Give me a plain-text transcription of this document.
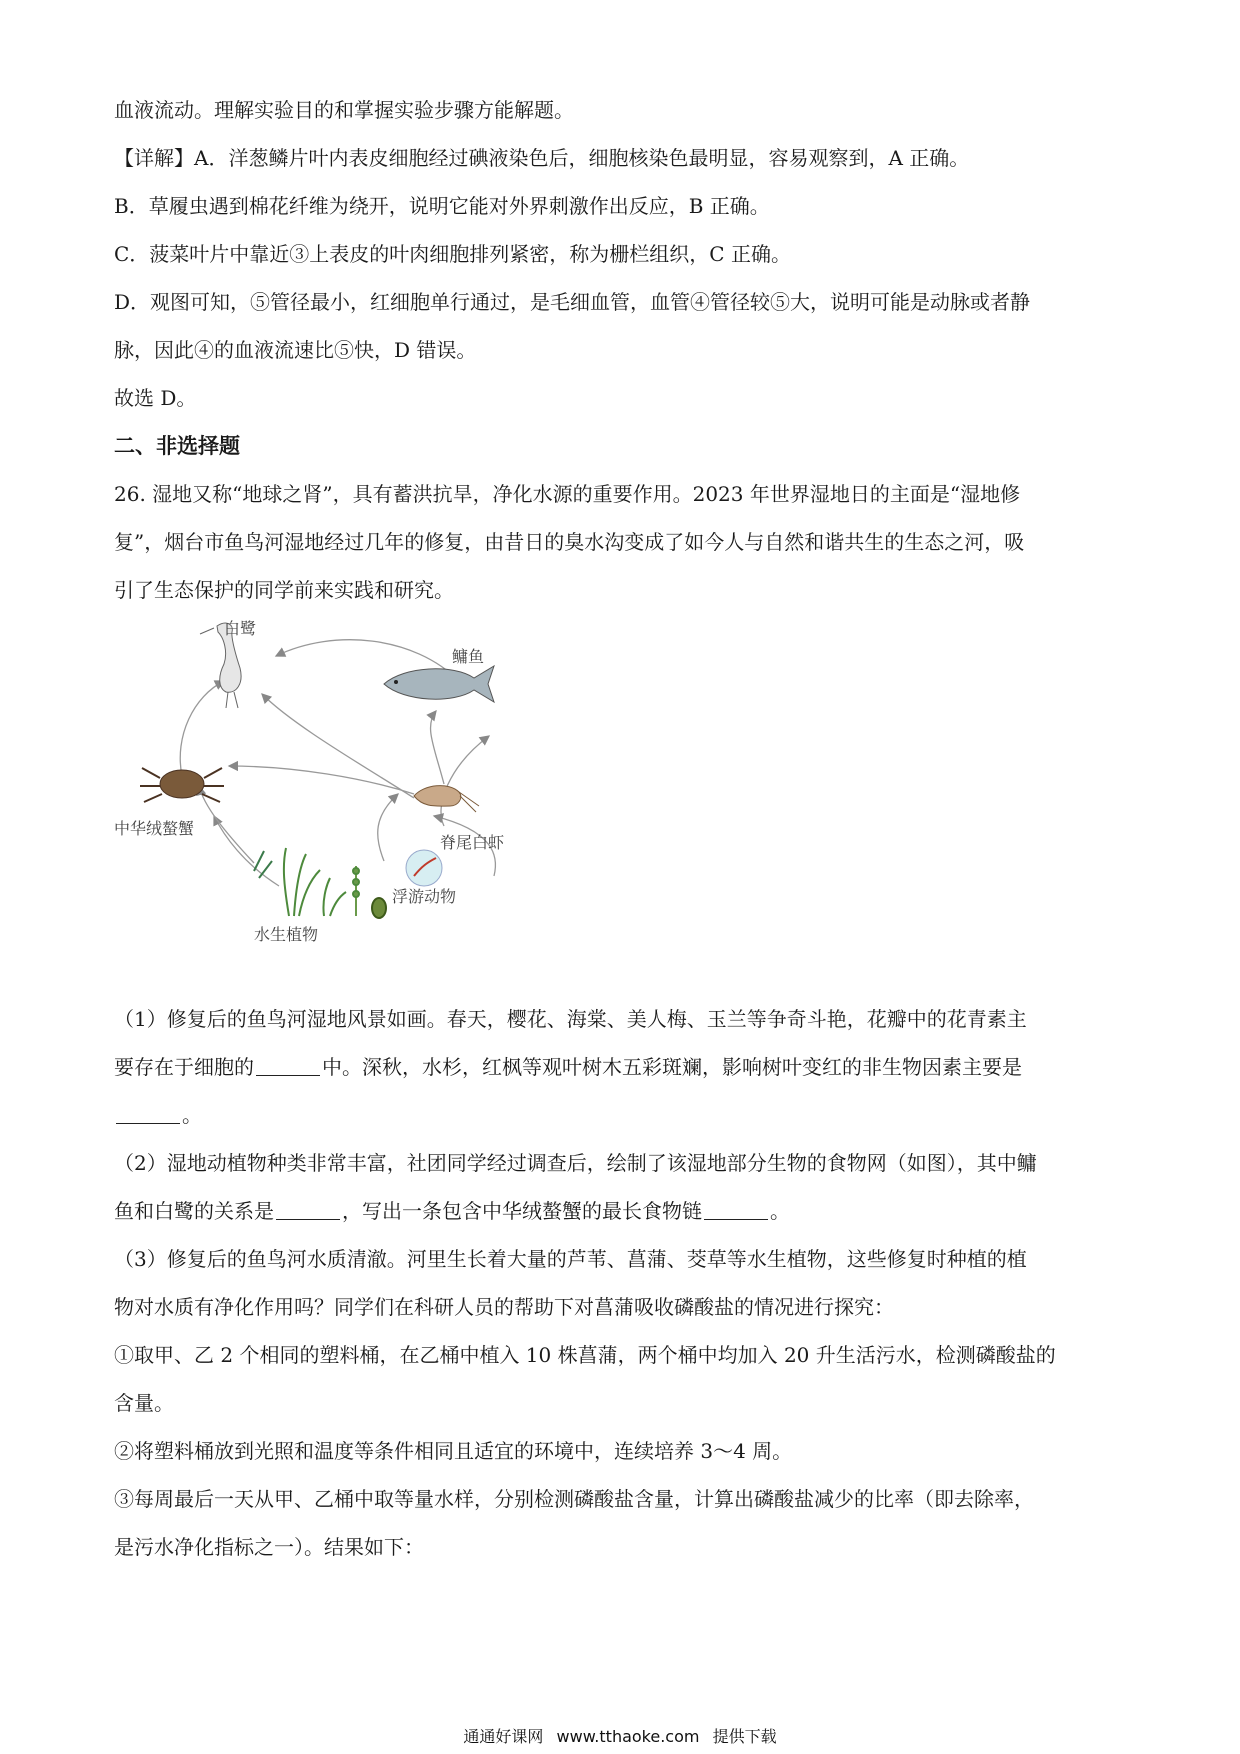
血液流动。理解实验目的和掌握实验步骤方能解题。

【详解】A．洋葱鳞片叶内表皮细胞经过碘液染色后，细胞核染色最明显，容易观察到，A 正确。

B．草履虫遇到棉花纤维为绕开，说明它能对外界刺激作出反应，B 正确。

C．菠菜叶片中靠近③上表皮的叶肉细胞排列紧密，称为栅栏组织，C 正确。

D．观图可知，⑤管径最小，红细胞单行通过，是毛细血管，血管④管径较⑤大，说明可能是动脉或者静

脉，因此④的血液流速比⑤快，D 错误。

故选 D。

二、非选择题

26. 湿地又称“地球之肾”，具有蓄洪抗旱，净化水源的重要作用。2023 年世界湿地日的主面是“湿地修

复”，烟台市鱼鸟河湿地经过几年的修复，由昔日的臭水沟变成了如今人与自然和谐共生的生态之河，吸

引了生态保护的同学前来实践和研究。

白鹭
鳙鱼
中华绒螯蟹
脊尾白虾
浮游动物
水生植物

（1）修复后的鱼鸟河湿地风景如画。春天，樱花、海棠、美人梅、玉兰等争奇斗艳，花瓣中的花青素主

要存在于细胞的	中。深秋，水杉，红枫等观叶树木五彩斑斓，影响树叶变红的非生物因素主要是

。

（2）湿地动植物种类非常丰富，社团同学经过调查后，绘制了该湿地部分生物的食物网（如图），其中鳙

鱼和白鹭的关系是	，写出一条包含中华绒螯蟹的最长食物链	。

（3）修复后的鱼鸟河水质清澈。河里生长着大量的芦苇、菖蒲、茭草等水生植物，这些修复时种植的植

物对水质有净化作用吗？同学们在科研人员的帮助下对菖蒲吸收磷酸盐的情况进行探究：

①取甲、乙 2 个相同的塑料桶，在乙桶中植入 10 株菖蒲，两个桶中均加入 20 升生活污水，检测磷酸盐的

含量。

②将塑料桶放到光照和温度等条件相同且适宜的环境中，连续培养 3～4 周。

③每周最后一天从甲、乙桶中取等量水样，分别检测磷酸盐含量，计算出磷酸盐减少的比率（即去除率，

是污水净化指标之一）。结果如下：

通通好课网 www.tthaoke.com 提供下载
